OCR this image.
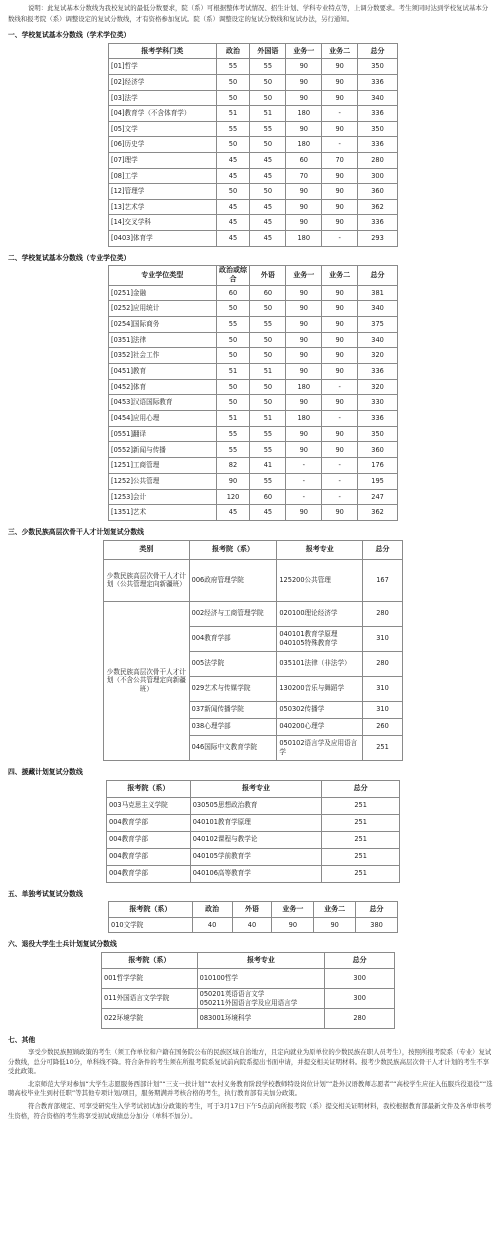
说明：此复试基本分数线为我校复试的最低分数要求，院（系）可根据整体考试情况、招生计划、学科专业特点等，上调分数要求。考生须同时达到学校复试基本分数线和报考院（系）调整设定的复试分数线，才有资格参加复试。院（系）调整设定的复试分数线和复试办法，另行通知。

一、学校复试基本分数线（学术学位类）
报考学科门类	政治	外国语	业务一	业务二	总分
[01]哲学	55	55	90	90	350
[02]经济学	50	50	90	90	336
[03]法学	50	50	90	90	340
[04]教育学（不含体育学）	51	51	180	-	336
[05]文学	55	55	90	90	350
[06]历史学	50	50	180	-	336
[07]理学	45	45	60	70	280
[08]工学	45	45	70	90	300
[12]管理学	50	50	90	90	360
[13]艺术学	45	45	90	90	362
[14]交叉学科	45	45	90	90	336
[0403]体育学	45	45	180	-	293
二、学校复试基本分数线（专业学位类）
专业学位类型	政治或综合	外语	业务一	业务二	总分
[0251]金融	60	60	90	90	381
[0252]应用统计	50	50	90	90	340
[0254]国际商务	55	55	90	90	375
[0351]法律	50	50	90	90	340
[0352]社会工作	50	50	90	90	320
[0451]教育	51	51	90	90	336
[0452]体育	50	50	180	-	320
[0453]汉语国际教育	50	50	90	90	330
[0454]应用心理	51	51	180	-	336
[0551]翻译	55	55	90	90	350
[0552]新闻与传播	55	55	90	90	360
[1251]工商管理	82	41	-	-	176
[1252]公共管理	90	55	-	-	195
[1253]会计	120	60	-	-	247
[1351]艺术	45	45	90	90	362
三、少数民族高层次骨干人才计划复试分数线
类别	报考院（系）	报考专业	总分
少数民族高层次骨干人才计划（公共管理定向新疆班）	006政府管理学院	125200公共管理	167
少数民族高层次骨干人才计划（不含公共管理定向新疆班）	002经济与工商管理学院	020100理论经济学	280
	004教育学部	040101教育学原理
040105特殊教育学	310
	005法学院	035101法律（非法学）	280
	029艺术与传媒学院	130200音乐与舞蹈学	310
	037新闻传播学院	050302传播学	310
	038心理学部	040200心理学	260
	046国际中文教育学院	050102语言学及应用语言学	251
四、援藏计划复试分数线
报考院（系）	报考专业	总分
003马克思主义学院	030505思想政治教育	251
004教育学部	040101教育学原理	251
004教育学部	040102课程与教学论	251
004教育学部	040105学前教育学	251
004教育学部	040106高等教育学	251
五、单独考试复试分数线
报考院（系）	政治	外语	业务一	业务二	总分
010文学院	40	40	90	90	380
六、退役大学生士兵计划复试分数线
报考院（系）	报考专业	总分
001哲学学院	010100哲学	300
011外国语言文学学院	050201英语语言文学
050211外国语言学及应用语言学	300
022环境学院	083001环境科学	280
七、其他

享受少数民族照顾政策的考生（须工作单位和户籍在国务院公布的民族区域自治地方，且定向就业为原单位的少数民族在职人员考生），按照所报考院系（专业）复试分数线，总分可降低10分，单科线不降。符合条件的考生须在所报考院系复试前向院系提出书面申请，并提交相关证明材料。报考少数民族高层次骨干人才计划的考生不享受此政策。

北京师范大学对参加“大学生志愿服务西部计划”“三支一扶计划”“农村义务教育阶段学校教师特设岗位计划”“赴外汉语教师志愿者”“高校学生应征入伍服兵役退役”“选聘高校毕业生到村任职”等其他专项计划/项目，服务期满并考核合格的考生，执行教育部有关加分政策。

符合教育部规定、可享受研究生入学考试初试加分政策的考生，可于3月17日下午5点前向所报考院（系）提交相关证明材料，我校根据教育部最新文件及各单审核考生资格，符合资格的考生将享受初试成绩总分加分（单科不加分）。
